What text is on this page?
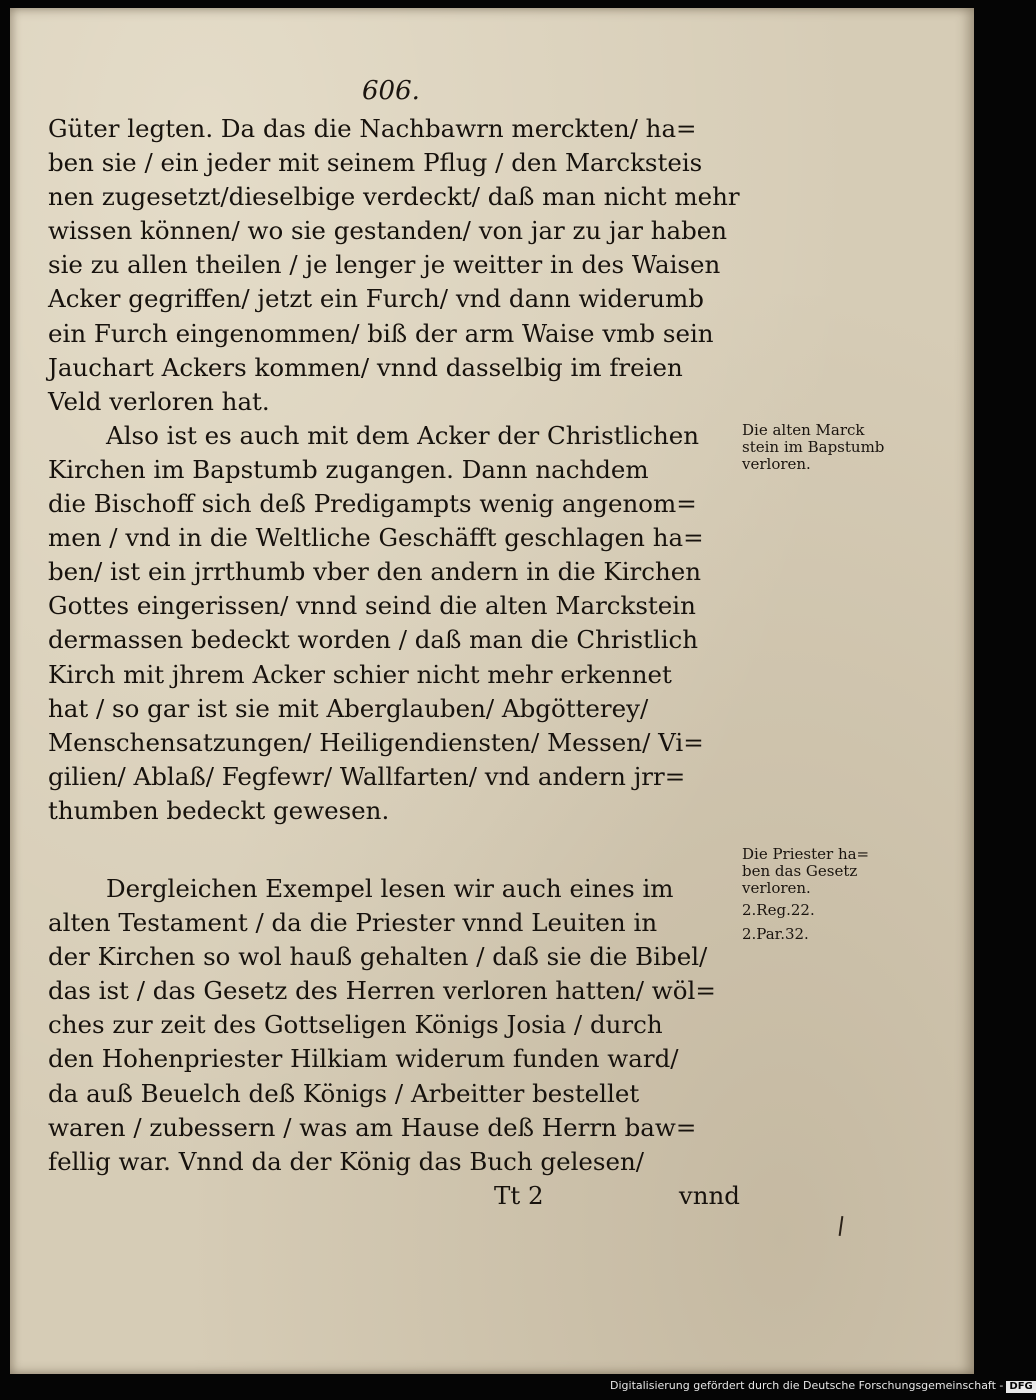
606.
Güter legten. Da das die Nachbawrn merckten/ ha=
ben sie / ein jeder mit seinem Pflug / den Marcksteis
nen zugesetzt/dieselbige verdeckt/ daß man nicht mehr
wissen können/ wo sie gestanden/ von jar zu jar haben
sie zu allen theilen / je lenger je weitter in des Waisen
Acker gegriffen/ jetzt ein Furch/ vnd dann widerumb
ein Furch eingenommen/ biß der arm Waise vmb sein
Jauchart Ackers kommen/ vnnd dasselbig im freien
Veld verloren hat.
Also ist es auch mit dem Acker der Christlichen
Kirchen im Bapstumb zugangen. Dann nachdem
die Bischoff sich deß Predigampts wenig angenom=
men / vnd in die Weltliche Geschäfft geschlagen ha=
ben/ ist ein jrrthumb vber den andern in die Kirchen
Gottes eingerissen/ vnnd seind die alten Marckstein
dermassen bedeckt worden / daß man die Christlich
Kirch mit jhrem Acker schier nicht mehr erkennet
hat / so gar ist sie mit Aberglauben/ Abgötterey/
Menschensatzungen/ Heiligendiensten/ Messen/ Vi=
gilien/ Ablaß/ Fegfewr/ Wallfarten/ vnd andern jrr=
thumben bedeckt gewesen.
Dergleichen Exempel lesen wir auch eines im
alten Testament / da die Priester vnnd Leuiten in
der Kirchen so wol hauß gehalten / daß sie die Bibel/
das ist / das Gesetz des Herren verloren hatten/ wöl=
ches zur zeit des Gottseligen Königs Josia / durch
den Hohenpriester Hilkiam widerum funden ward/
da auß Beuelch deß Königs / Arbeitter bestellet
waren / zubessern / was am Hause deß Herrn baw=
fellig war. Vnnd da der König das Buch gelesen/
Tt 2	vnnd
Die alten Marck
stein im Bapstumb
verloren.
Die Priester ha=
ben das Gesetz
verloren.
2.Reg.22.
2.Par.32.
Digitalisierung gefördert durch die Deutsche Forschungsgemeinschaft - DFG
